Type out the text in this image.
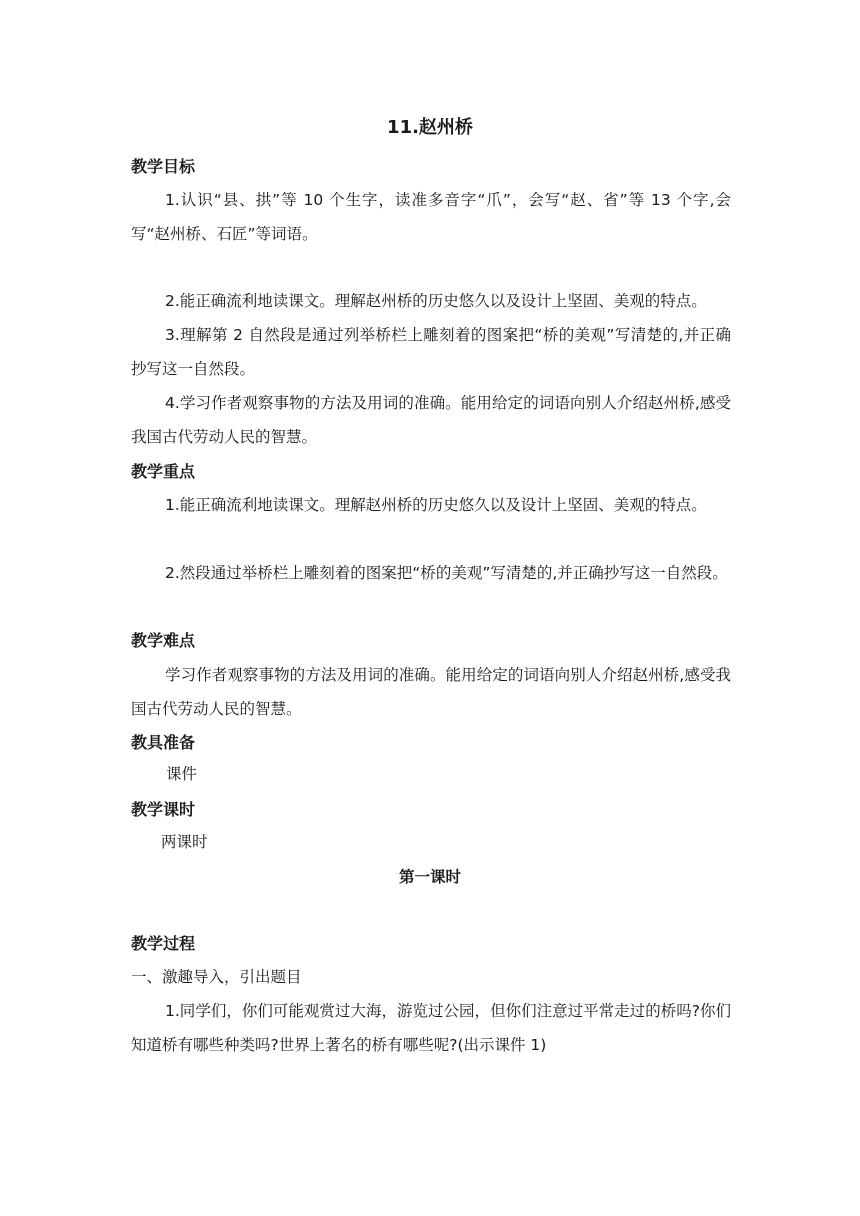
11.赵州桥
教学目标

1.认识“县、拱”等 10 个生字，读准多音字“爪”，会写“赵、省”等 13 个字,会写“赵州桥、石匠”等词语。

2.能正确流利地读课文。理解赵州桥的历史悠久以及设计上坚固、美观的特点。

3.理解第 2 自然段是通过列举桥栏上雕刻着的图案把“桥的美观”写清楚的,并正确抄写这一自然段。

4.学习作者观察事物的方法及用词的准确。能用给定的词语向别人介绍赵州桥,感受我国古代劳动人民的智慧。

教学重点

1.能正确流利地读课文。理解赵州桥的历史悠久以及设计上坚固、美观的特点。

2.然段通过举桥栏上雕刻着的图案把“桥的美观”写清楚的,并正确抄写这一自然段。

教学难点

学习作者观察事物的方法及用词的准确。能用给定的词语向别人介绍赵州桥,感受我国古代劳动人民的智慧。

教具准备
课件
教学课时
两课时
第一课时
教学过程
一、激趣导入，引出题目

1.同学们，你们可能观赏过大海，游览过公园，但你们注意过平常走过的桥吗?你们知道桥有哪些种类吗?世界上著名的桥有哪些呢?(出示课件 1)
